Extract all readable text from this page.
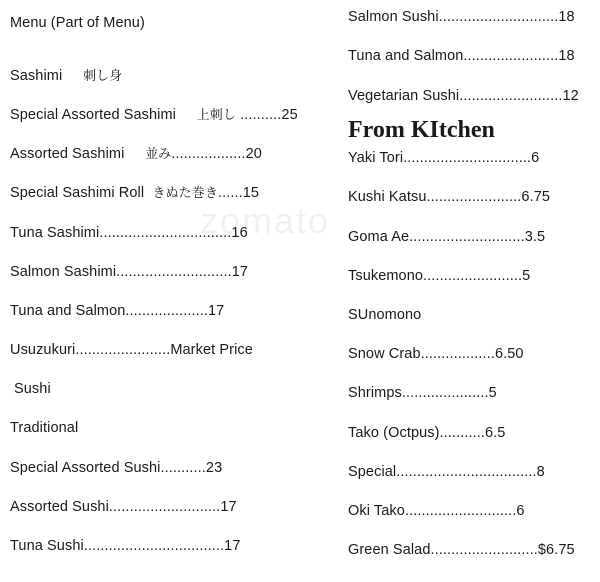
zomato
Menu (Part of Menu)
Sashimi 刺し身
Special Assorted Sashimi 上刺し ..........25
Assorted Sashimi 並み..................20
Special Sashimi Roll きぬた巻き......15
Tuna Sashimi................................16
Salmon Sashimi............................17
Tuna and Salmon....................17
Usuzukuri.......................Market Price
Sushi
Traditional
Special Assorted Sushi...........23
Assorted Sushi...........................17
Tuna Sushi..................................17
Salmon Sushi.............................18
Tuna and Salmon.......................18
Vegetarian Sushi.........................12
From KItchen
Yaki Tori...............................6
Kushi Katsu.......................6.75
Goma Ae............................3.5
Tsukemono........................5
SUnomono
Snow Crab..................6.50
Shrimps.....................5
Tako (Octpus)...........6.5
Special..................................8
Oki Tako...........................6
Green Salad..........................$6.75
